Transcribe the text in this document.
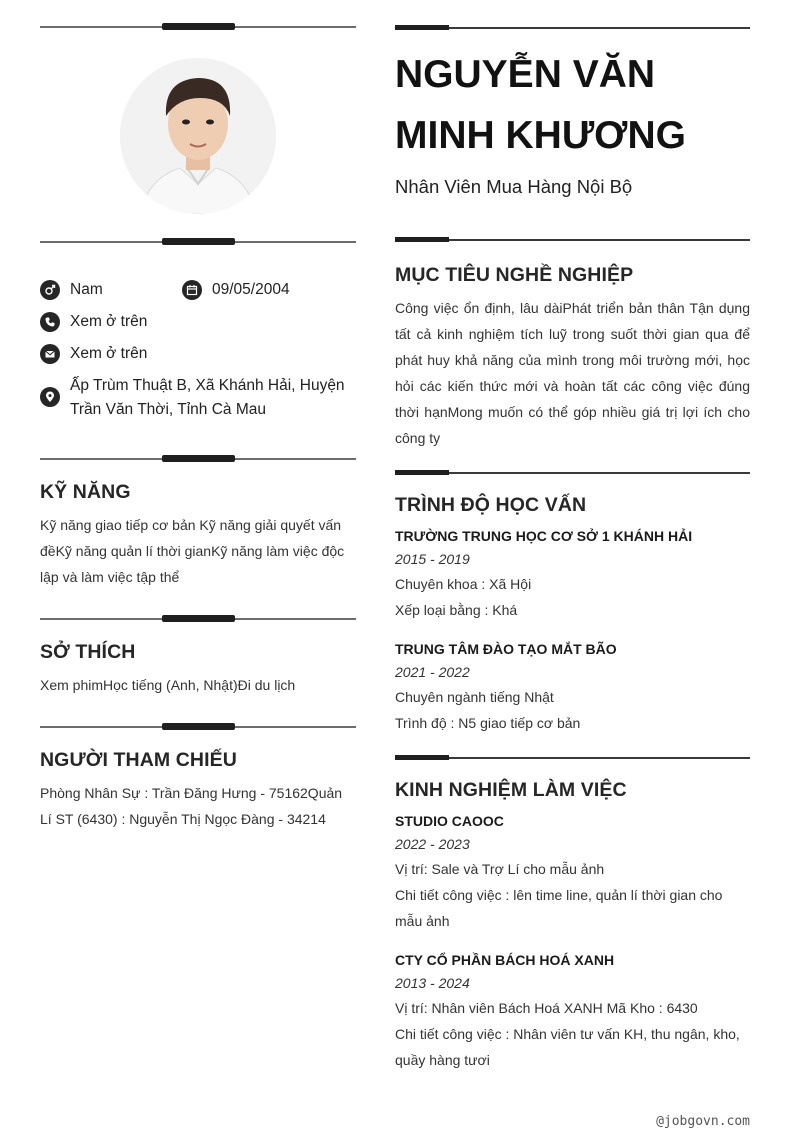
Nam	09/05/2004
Xem ở trên
Xem ở trên
Ấp Trùm Thuật B, Xã Khánh Hải, Huyện Trần Văn Thời, Tỉnh Cà Mau
KỸ NĂNG
Kỹ năng giao tiếp cơ bản Kỹ năng giải quyết vấn đềKỹ năng quản lí thời gianKỹ năng làm việc độc lập và làm việc tập thể
SỞ THÍCH
Xem phimHọc tiếng (Anh, Nhật)Đi du lịch
NGƯỜI THAM CHIẾU
Phòng Nhân Sự : Trần Đăng Hưng - 75162Quản Lí ST (6430) : Nguyễn Thị Ngọc Đàng - 34214
NGUYỄN VĂN
MINH KHƯƠNG
Nhân Viên Mua Hàng Nội Bộ
MỤC TIÊU NGHỀ NGHIỆP
Công việc ổn định, lâu dàiPhát triển bản thân Tận dụng tất cả kinh nghiệm tích luỹ trong suốt thời gian qua để phát huy khả năng của mình trong môi trường mới, học hỏi các kiến thức mới và hoàn tất các công việc đúng thời hạnMong muốn có thể góp nhiều giá trị lợi ích cho công ty
TRÌNH ĐỘ HỌC VẤN
TRƯỜNG TRUNG HỌC CƠ SỞ 1 KHÁNH HẢI
2015 - 2019
Chuyên khoa : Xã Hội
Xếp loại bằng : Khá
TRUNG TÂM ĐÀO TẠO MẮT BÃO
2021 - 2022
Chuyên ngành tiếng Nhật
Trình độ : N5 giao tiếp cơ bản
KINH NGHIỆM LÀM VIỆC
STUDIO CAOOC
2022 - 2023
Vị trí: Sale và Trợ Lí cho mẫu ảnh
Chi tiết công việc : lên time line, quản lí thời gian cho mẫu ảnh
CTY CỔ PHẦN BÁCH HOÁ XANH
2013 - 2024
Vị trí: Nhân viên Bách Hoá XANH Mã Kho : 6430
Chi tiết công việc : Nhân viên tư vấn KH, thu ngân, kho, quầy hàng tươi
@jobgovn.com
